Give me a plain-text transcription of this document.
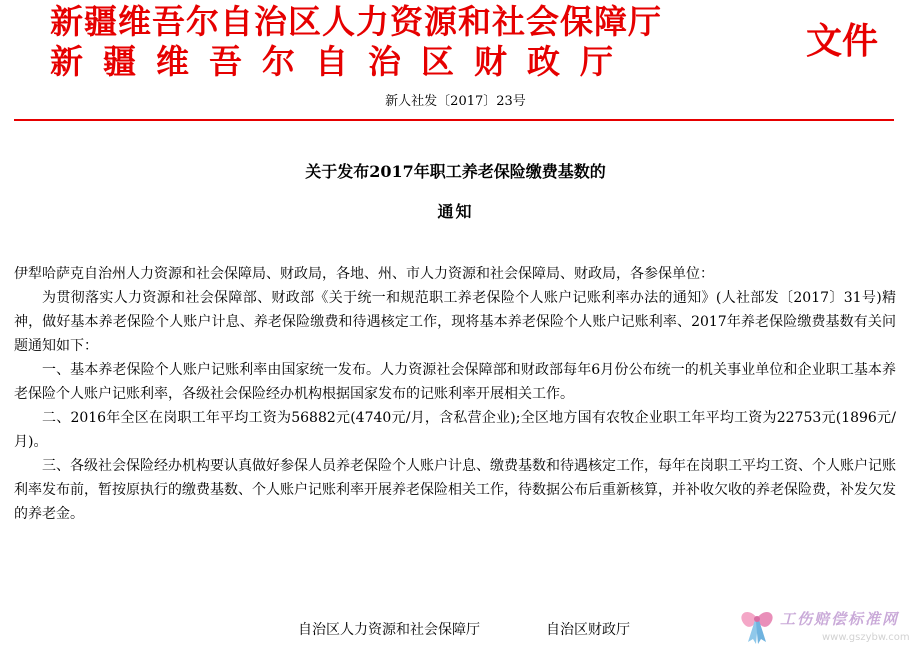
新疆维吾尔自治区人力资源和社会保障厅
新疆维吾尔自治区财政厅	文件
新人社发〔2017〕23号
关于发布2017年职工养老保险缴费基数的
通知

伊犁哈萨克自治州人力资源和社会保障局、财政局，各地、州、市人力资源和社会保障局、财政局，各参保单位：

为贯彻落实人力资源和社会保障部、财政部《关于统一和规范职工养老保险个人账户记账利率办法的通知》(人社部发〔2017〕31号)精神，做好基本养老保险个人账户计息、养老保险缴费和待遇核定工作，现将基本养老保险个人账户记账利率、2017年养老保险缴费基数有关问题通知如下：

一、基本养老保险个人账户记账利率由国家统一发布。人力资源社会保障部和财政部每年6月份公布统一的机关事业单位和企业职工基本养老保险个人账户记账利率，各级社会保险经办机构根据国家发布的记账利率开展相关工作。

二、2016年全区在岗职工年平均工资为56882元(4740元/月，含私营企业);全区地方国有农牧企业职工年平均工资为22753元(1896元/月)。

三、各级社会保险经办机构要认真做好参保人员养老保险个人账户计息、缴费基数和待遇核定工作，每年在岗职工平均工资、个人账户记账利率发布前，暂按原执行的缴费基数、个人账户记账利率开展养老保险相关工作，待数据公布后重新核算，并补收欠收的养老保险费，补发欠发的养老金。

自治区人力资源和社会保障厅	自治区财政厅
工伤赔偿标准网
www.gszybw.com
